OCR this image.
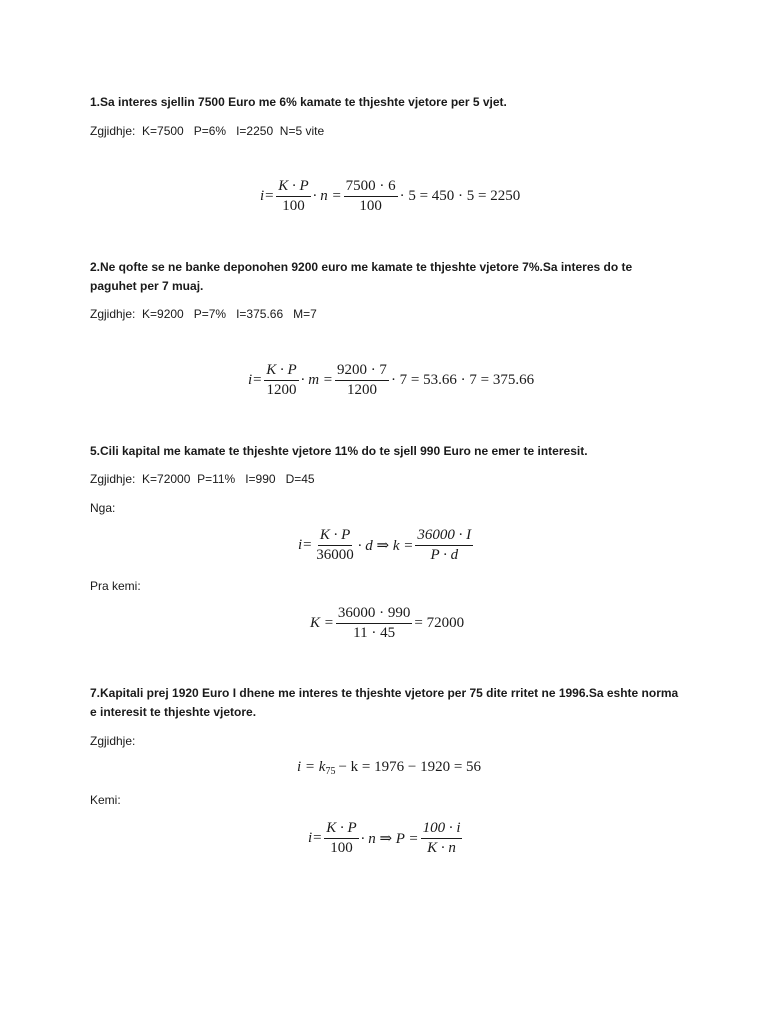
1.Sa interes sjellin 7500 Euro me 6% kamate te thjeshte vjetore per 5 vjet.
Zgjidhje:  K=7500   P=6%   I=2250  N=5 vite
$i= \frac{K \cdot P}{100} \cdot n = \frac{7500 \cdot 6}{100} \cdot 5 = 450 \cdot 5 = 2250$
2.Ne qofte se ne banke deponohen 9200 euro me kamate te thjeshte vjetore 7%.Sa interes do te paguhet per 7 muaj.
Zgjidhje:  K=9200   P=7%   I=375.66   M=7
$i= \frac{K \cdot P}{1200} \cdot m = \frac{9200 \cdot 7}{1200} \cdot 7 = 53.66 \cdot 7 = 375.66$
5.Cili kapital me kamate te thjeshte vjetore 11% do te sjell 990 Euro ne emer te interesit.
Zgjidhje:  K=72000  P=11%   I=990   D=45
Nga:
$i= \frac{K \cdot P}{36000} \cdot d$ ⇒ $k = \frac{36000 \cdot I}{P \cdot d}$
Pra kemi:
$K = \frac{36000 \cdot 990}{11 \cdot 45} = 72000$
7.Kapitali prej 1920 Euro I dhene me interes te thjeshte vjetore per 75 dite rritet ne 1996.Sa eshte norma e interesit te thjeshte vjetore.
Zgjidhje:
i = k 75 − k = 1976 − 1920 = 56
Kemi:
$i= \frac{K \cdot P}{100} \cdot n$ ⇒ $P = \frac{100 \cdot i}{K \cdot n}$
